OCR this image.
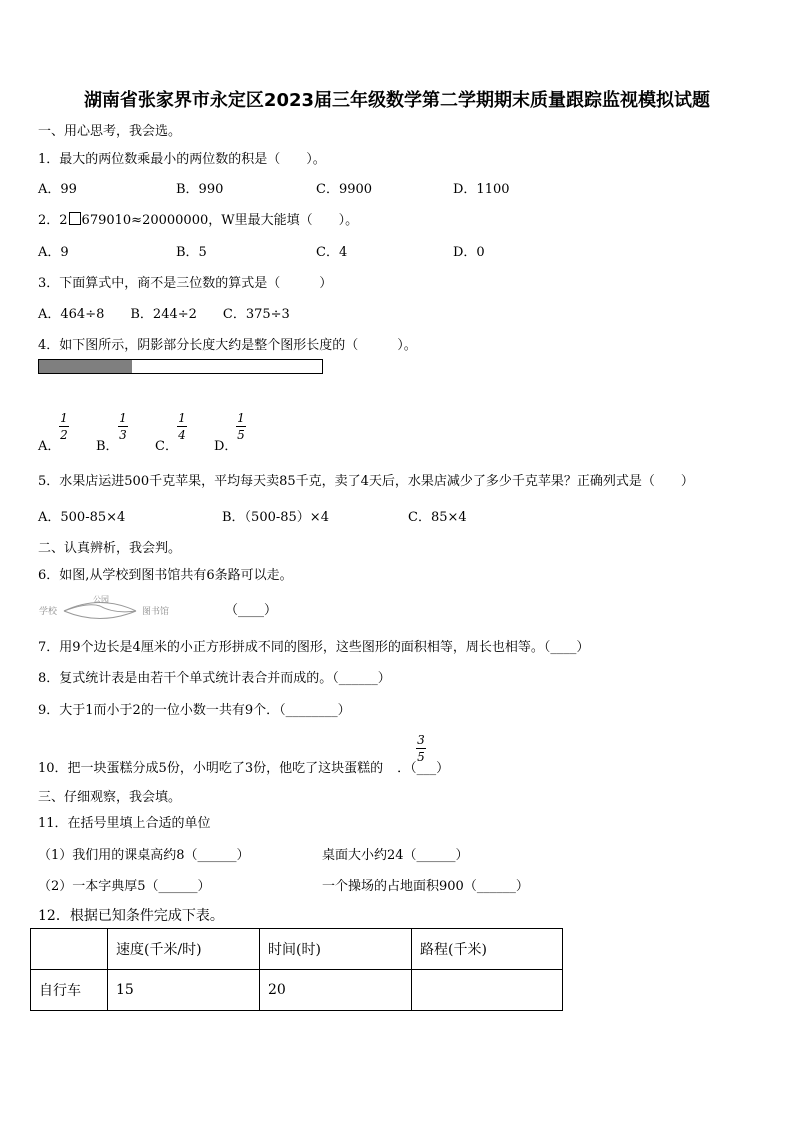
湖南省张家界市永定区2023届三年级数学第二学期期末质量跟踪监视模拟试题
一、用心思考，我会选。
1．最大的两位数乘最小的两位数的积是（　　）。
A．99	B．990	C．9900	D．1100
2．2 679010≈20000000，W里最大能填（　　）。
A．9	B．5	C．4	D．0
3．下面算式中，商不是三位数的算式是（　　　）
A．464÷8　　B．244÷2　　C．375÷3
4．如下图所示，阴影部分长度大约是整个图形长度的（　　　）。
A．
1
2
B．
1
3
C．
1
4
D．
1
5
5．水果店运进500千克苹果，平均每天卖85千克，卖了4天后，水果店减少了多少千克苹果？正确列式是（　　）
A．500-85×4	B．（500-85）×4	C．85×4
二、认真辨析，我会判。
6．如图,从学校到图书馆共有6条路可以走。
学校
公园
图书馆	（____）
7．用9个边长是4厘米的小正方形拼成不同的图形，这些图形的面积相等，周长也相等。（____）
8．复式统计表是由若干个单式统计表合并而成的。（______）
9．大于1而小于2的一位小数一共有9个．（________）
10．把一块蛋糕分成5份，小明吃了3份，他吃了这块蛋糕的 ．（___）
3
5
三、仔细观察，我会填。
11．在括号里填上合适的单位
（1）我们用的课桌高约8（______）	桌面大小约24（______）
（2）一本字典厚5（______）	一个操场的占地面积900（______）
12．根据已知条件完成下表。
	速度(千米/时)	时间(时)	路程(千米)
自行车	15	20	
